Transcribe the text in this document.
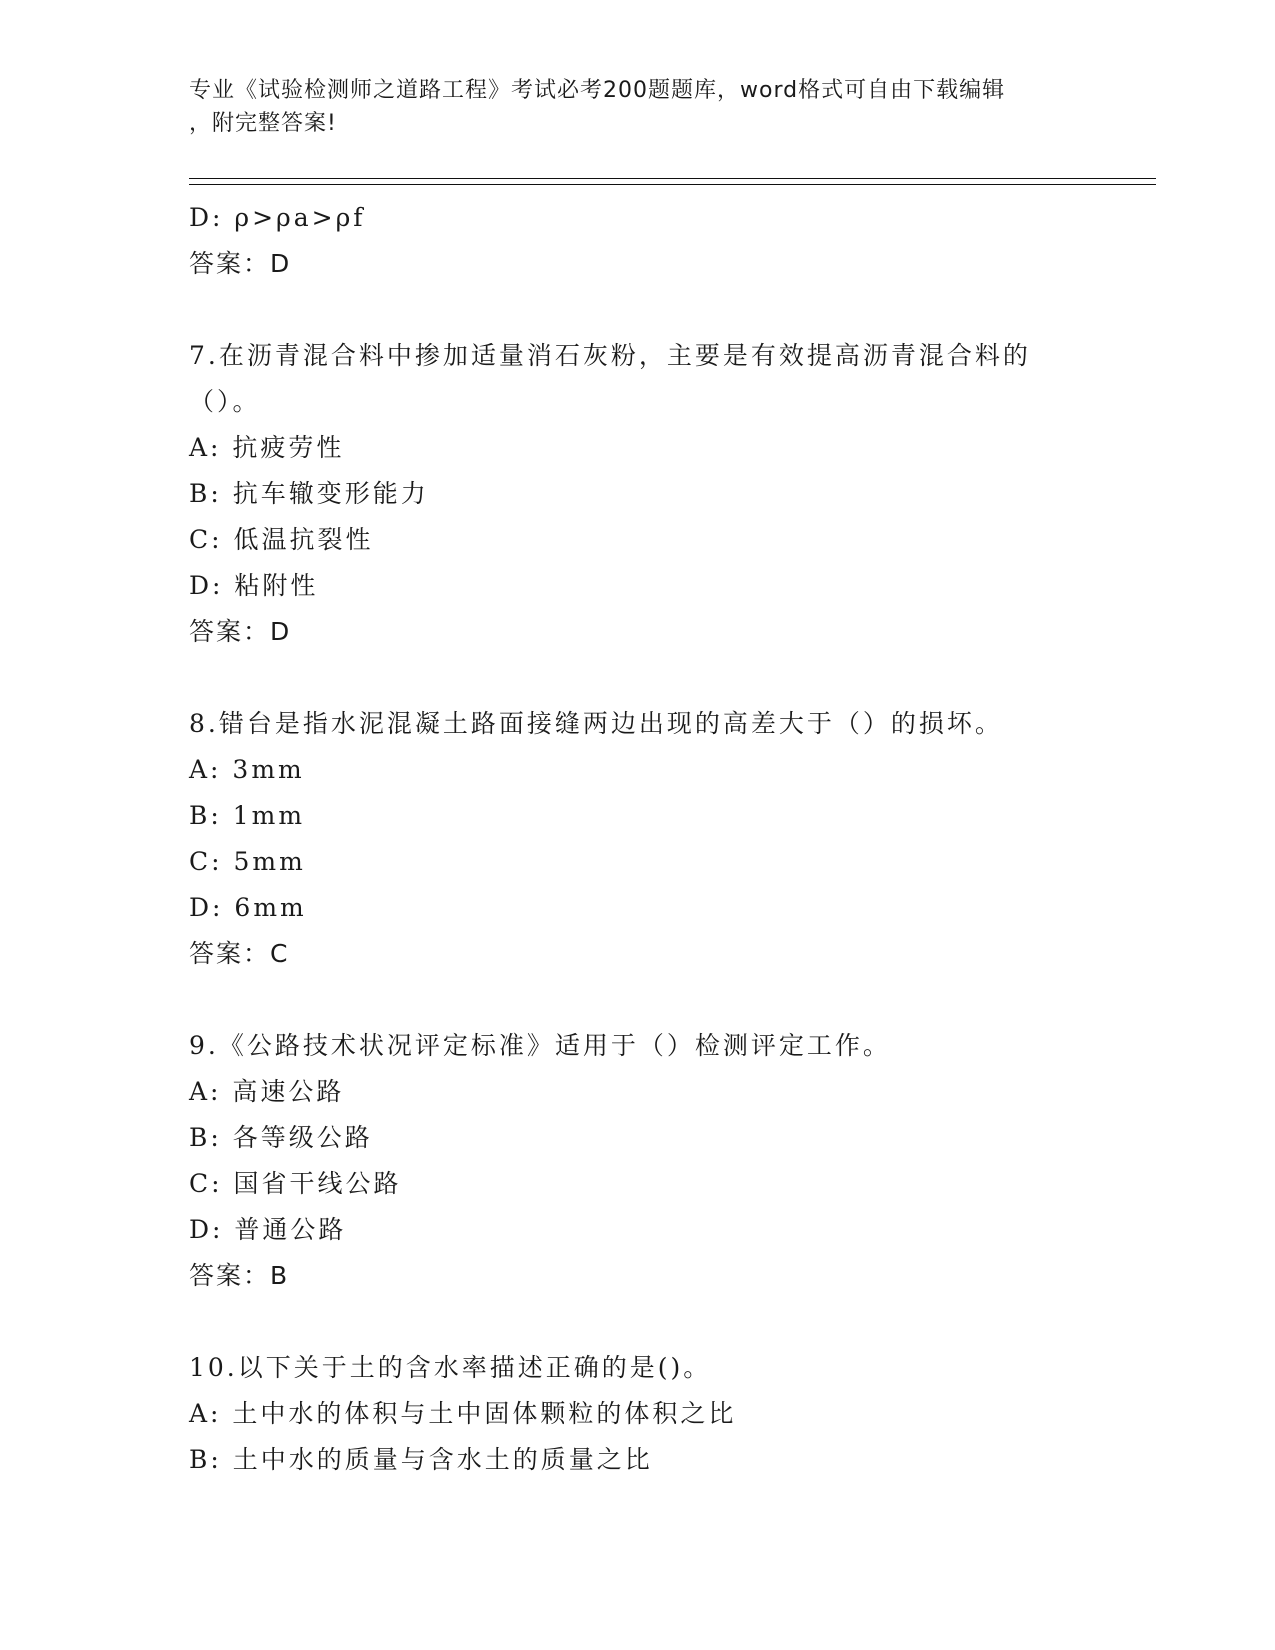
专业《试验检测师之道路工程》考试必考200题题库，word格式可自由下载编辑
，附完整答案!
D: ρ>ρa>ρf
答案：D
7.在沥青混合料中掺加适量消石灰粉，主要是有效提高沥青混合料的
（）。
A: 抗疲劳性
B: 抗车辙变形能力
C: 低温抗裂性
D: 粘附性
答案：D
8.错台是指水泥混凝土路面接缝两边出现的高差大于（）的损坏。
A: 3mm
B: 1mm
C: 5mm
D: 6mm
答案：C
9.《公路技术状况评定标准》适用于（）检测评定工作。
A: 高速公路
B: 各等级公路
C: 国省干线公路
D: 普通公路
答案：B
10.以下关于土的含水率描述正确的是()。
A: 土中水的体积与土中固体颗粒的体积之比
B: 土中水的质量与含水土的质量之比
